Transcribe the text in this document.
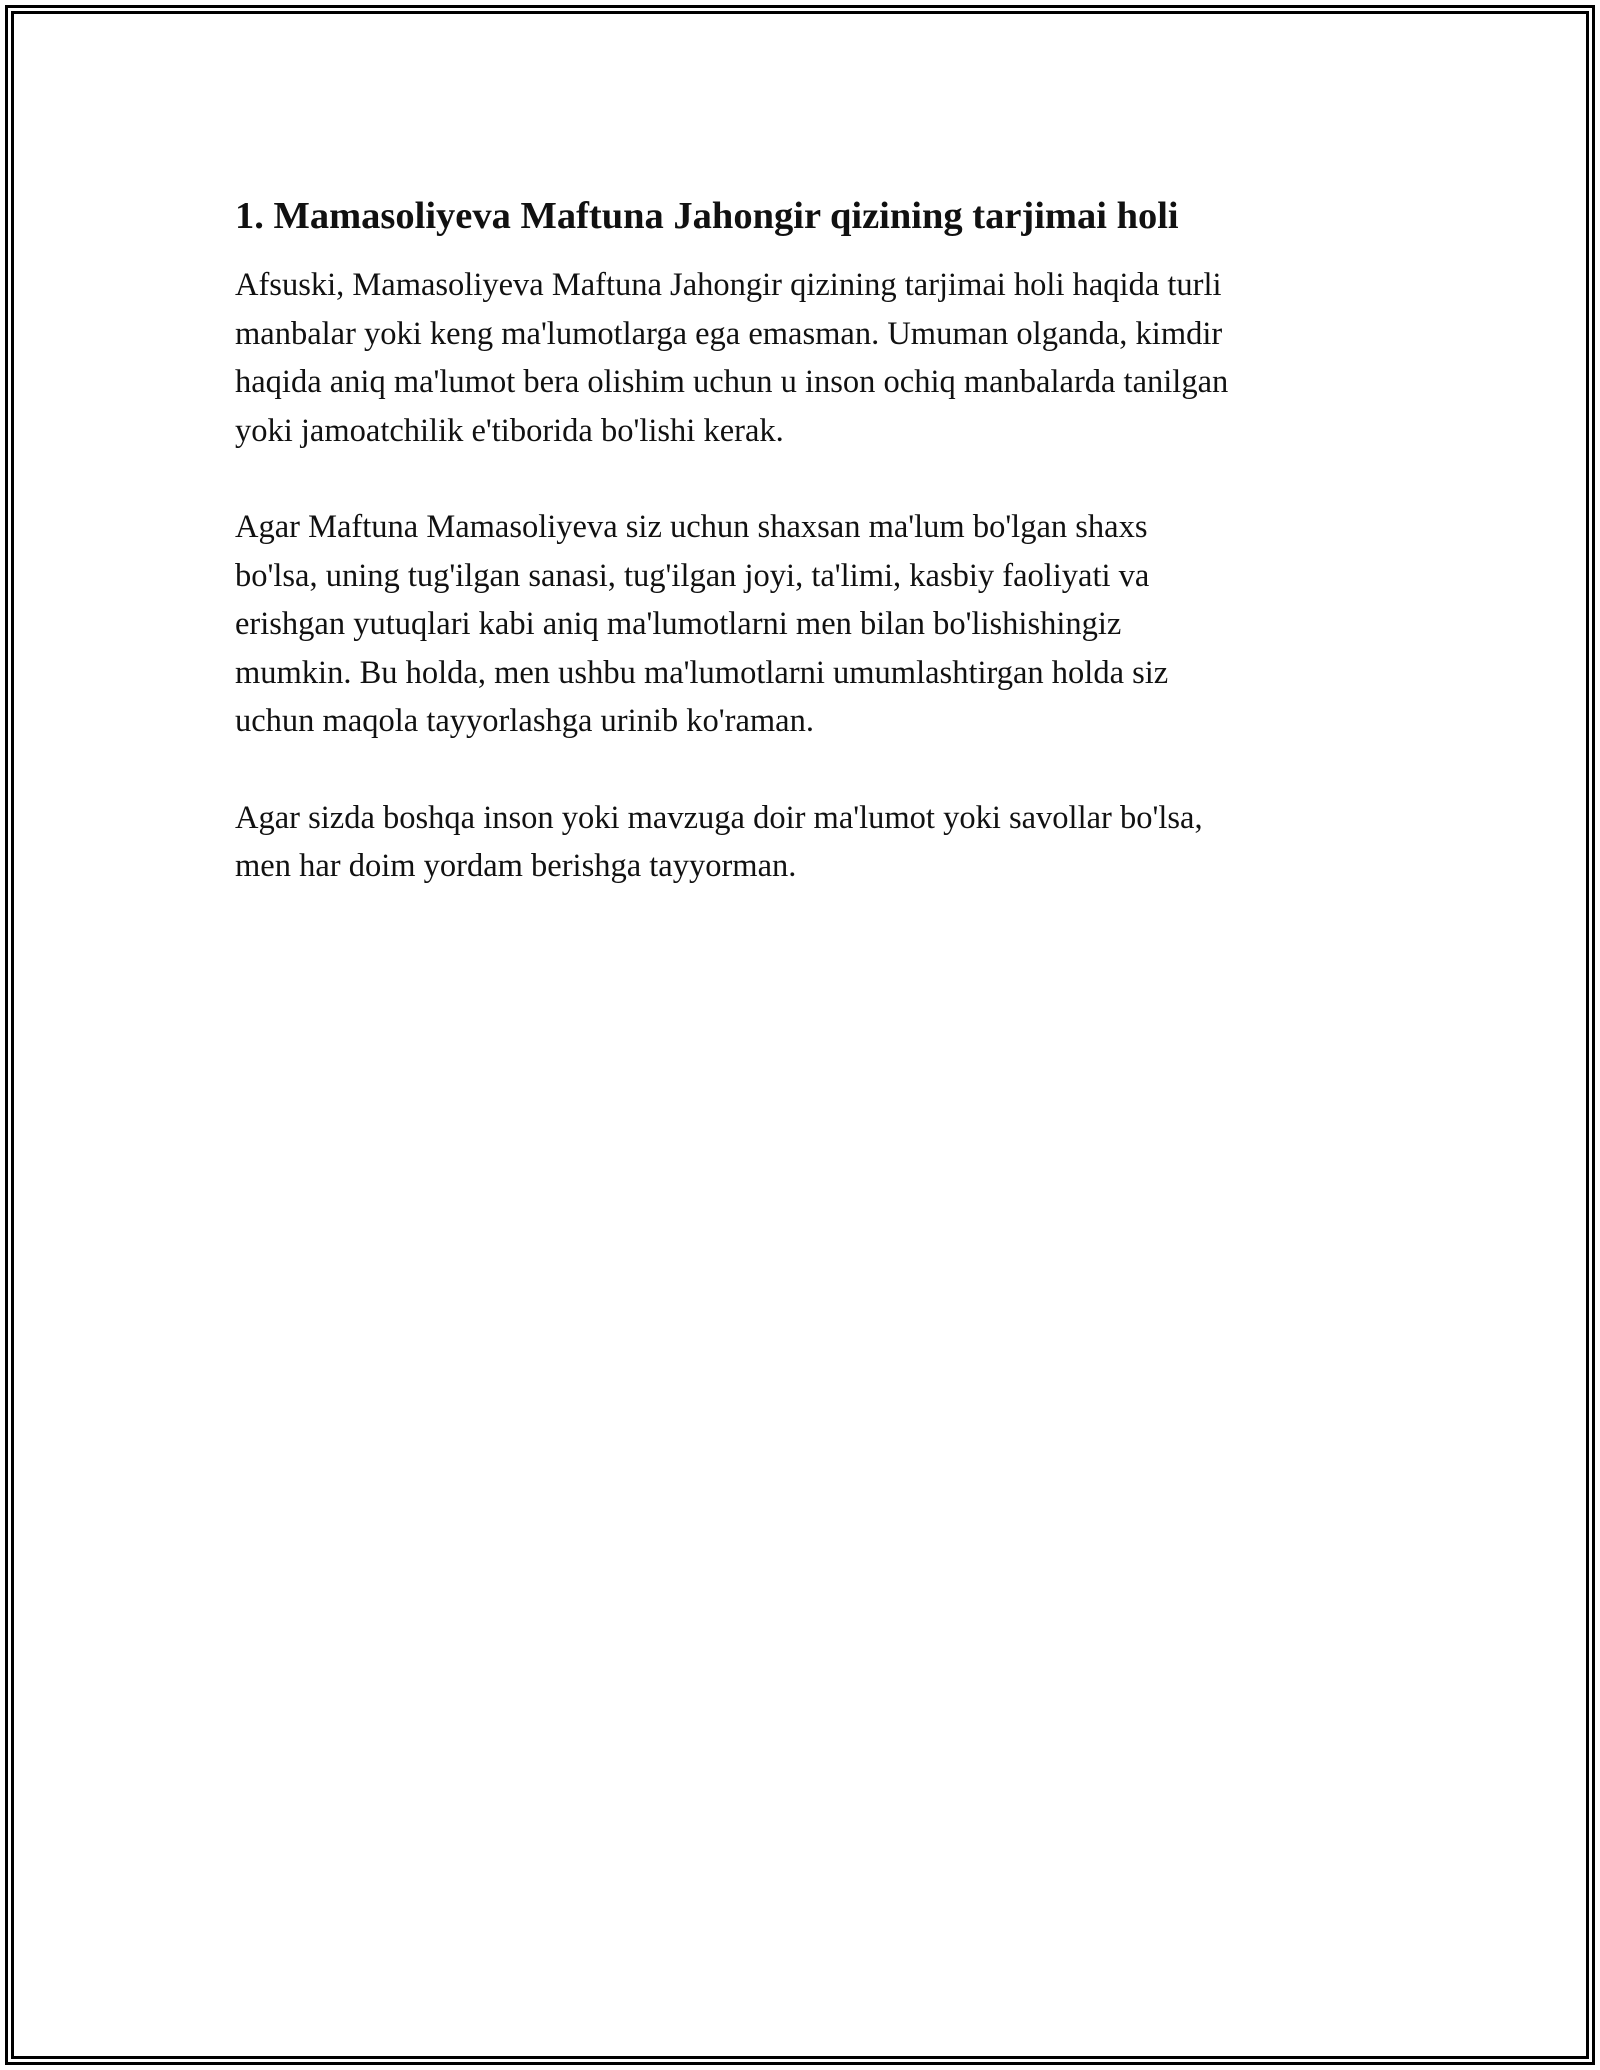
1. Mamasoliyeva Maftuna Jahongir qizining tarjimai holi

Afsuski, Mamasoliyeva Maftuna Jahongir qizining tarjimai holi haqida turli
manbalar yoki keng ma'lumotlarga ega emasman. Umuman olganda, kimdir
haqida aniq ma'lumot bera olishim uchun u inson ochiq manbalarda tanilgan
yoki jamoatchilik e'tiborida bo'lishi kerak.

Agar Maftuna Mamasoliyeva siz uchun shaxsan ma'lum bo'lgan shaxs
bo'lsa, uning tug'ilgan sanasi, tug'ilgan joyi, ta'limi, kasbiy faoliyati va
erishgan yutuqlari kabi aniq ma'lumotlarni men bilan bo'lishishingiz
mumkin. Bu holda, men ushbu ma'lumotlarni umumlashtirgan holda siz
uchun maqola tayyorlashga urinib ko'raman.

Agar sizda boshqa inson yoki mavzuga doir ma'lumot yoki savollar bo'lsa,
men har doim yordam berishga tayyorman.
